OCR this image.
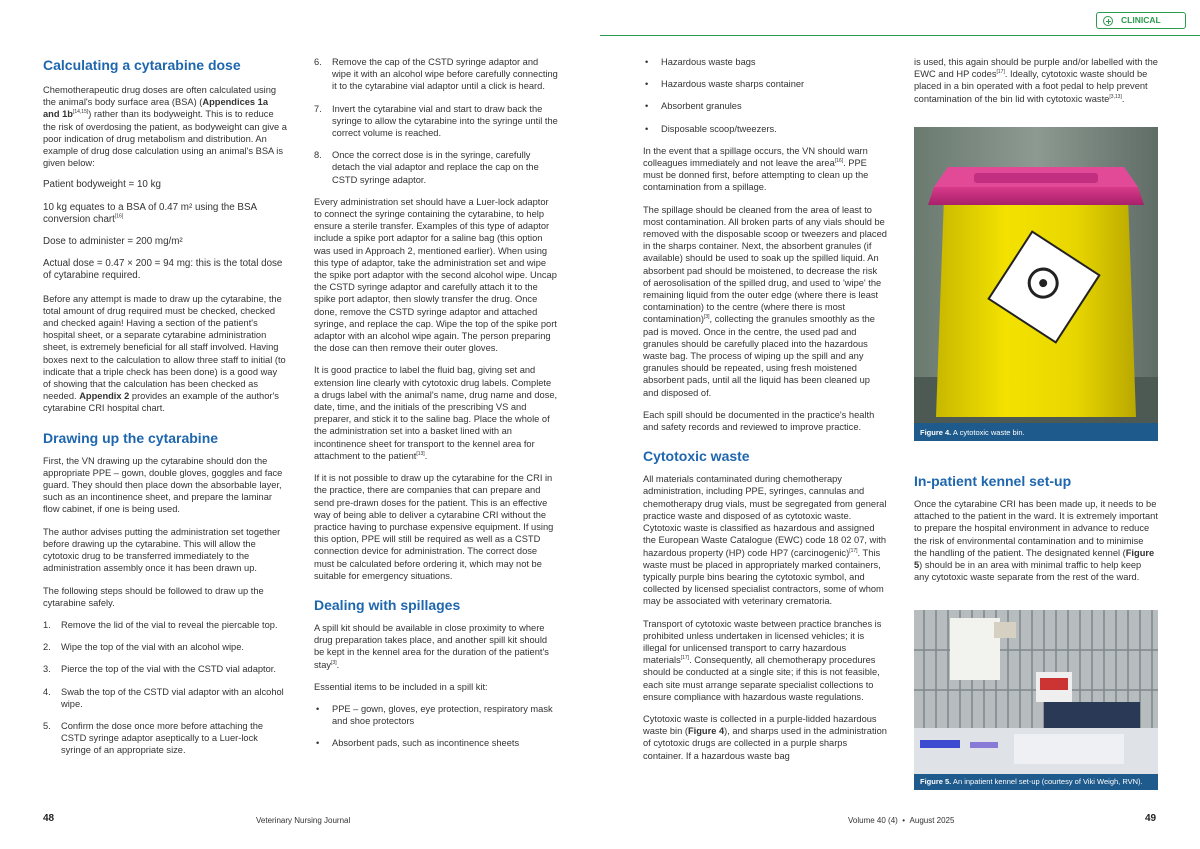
CLINICAL
Calculating a cytarabine dose

Chemotherapeutic drug doses are often calculated using the animal's body surface area (BSA) (Appendices 1a and 1b[14,15]) rather than its bodyweight. This is to reduce the risk of overdosing the patient, as bodyweight can give a poor indication of drug metabolism and distribution. An example of drug dose calculation using an animal's BSA is given below:

Patient bodyweight = 10 kg

10 kg equates to a BSA of 0.47 m² using the BSA conversion chart[16]

Dose to administer = 200 mg/m²

Actual dose = 0.47 × 200 = 94 mg: this is the total dose of cytarabine required.

Before any attempt is made to draw up the cytarabine, the total amount of drug required must be checked, checked and checked again! Having a section of the patient's hospital sheet, or a separate cytarabine administration sheet, is extremely beneficial for all staff involved. Having boxes next to the calculation to allow three staff to initial (to indicate that a triple check has been done) is a good way of showing that the calculation has been checked as needed. Appendix 2 provides an example of the author's cytarabine CRI hospital chart.

Drawing up the cytarabine

First, the VN drawing up the cytarabine should don the appropriate PPE – gown, double gloves, goggles and face guard. They should then place down the absorbable layer, such as an incontinence sheet, and prepare the laminar flow cabinet, if one is being used.

The author advises putting the administration set together before drawing up the cytarabine. This will allow the cytotoxic drug to be transferred immediately to the administration assembly once it has been drawn up.

The following steps should be followed to draw up the cytarabine safely.

1. Remove the lid of the vial to reveal the piercable top.
2. Wipe the top of the vial with an alcohol wipe.
3. Pierce the top of the vial with the CSTD vial adaptor.
4. Swab the top of the CSTD vial adaptor with an alcohol wipe.
5. Confirm the dose once more before attaching the CSTD syringe adaptor aseptically to a Luer-lock syringe of an appropriate size.
6. Remove the cap of the CSTD syringe adaptor and wipe it with an alcohol wipe before carefully connecting it to the cytarabine vial adaptor until a click is heard.
7. Invert the cytarabine vial and start to draw back the syringe to allow the cytarabine into the syringe until the correct volume is reached.
8. Once the correct dose is in the syringe, carefully detach the vial adaptor and replace the cap on the CSTD syringe adaptor.

Every administration set should have a Luer-lock adaptor to connect the syringe containing the cytarabine, to help ensure a sterile transfer. Examples of this type of adaptor include a spike port adaptor for a saline bag (this option was used in Approach 2, mentioned earlier). When using this type of adaptor, take the administration set and wipe the spike port adaptor with the second alcohol wipe. Uncap the CSTD syringe adaptor and carefully attach it to the spike port adaptor, then slowly transfer the drug. Once done, remove the CSTD syringe adaptor and attached syringe, and replace the cap. Wipe the top of the spike port adaptor with an alcohol wipe again. The person preparing the dose can then remove their outer gloves.

It is good practice to label the fluid bag, giving set and extension line clearly with cytotoxic drug labels. Complete a drugs label with the animal's name, drug name and dose, date, time, and the initials of the prescribing VS and preparer, and stick it to the saline bag. Place the whole of the administration set into a basket lined with an incontinence sheet for transport to the kennel area for attachment to the patient[13].

If it is not possible to draw up the cytarabine for the CRI in the practice, there are companies that can prepare and send pre-drawn doses for the patient. This is an effective way of being able to deliver a cytarabine CRI without the practice having to purchase expensive equipment. If using this option, PPE will still be required as well as a CSTD connection device for administration. The correct dose must be calculated before ordering it, which may not be suitable for emergency situations.

Dealing with spillages

A spill kit should be available in close proximity to where drug preparation takes place, and another spill kit should be kept in the kennel area for the duration of the patient's stay[3].

Essential items to be included in a spill kit:

• PPE – gown, gloves, eye protection, respiratory mask and shoe protectors
• Absorbent pads, such as incontinence sheets
• Hazardous waste bags
• Hazardous waste sharps container
• Absorbent granules
• Disposable scoop/tweezers.

In the event that a spillage occurs, the VN should warn colleagues immediately and not leave the area[16]. PPE must be donned first, before attempting to clean up the contamination from a spillage.

The spillage should be cleaned from the area of least to most contamination. All broken parts of any vials should be removed with the disposable scoop or tweezers and placed in the sharps container. Next, the absorbent granules (if available) should be used to soak up the spilled liquid. An absorbent pad should be moistened, to decrease the risk of aerosolisation of the spilled drug, and used to 'wipe' the remaining liquid from the outer edge (where there is least contamination) to the centre (where there is most contamination)[3], collecting the granules smoothly as the pad is moved. Once in the centre, the used pad and granules should be carefully placed into the hazardous waste bag. The process of wiping up the spill and any granules should be repeated, using fresh moistened absorbent pads, until all the liquid has been cleaned up and disposed of.

Each spill should be documented in the practice's health and safety records and reviewed to improve practice.

Cytotoxic waste

All materials contaminated during chemotherapy administration, including PPE, syringes, cannulas and chemotherapy drug vials, must be segregated from general practice waste and disposed of as cytotoxic waste. Cytotoxic waste is classified as hazardous and assigned the European Waste Catalogue (EWC) code 18 02 07, with hazardous property (HP) code HP7 (carcinogenic)[17]. This waste must be placed in appropriately marked containers, typically purple bins bearing the cytotoxic symbol, and collected by licensed specialist contractors, some of whom may be associated with veterinary crematoria.

Transport of cytotoxic waste between practice branches is prohibited unless undertaken in licensed vehicles; it is illegal for unlicensed transport to carry hazardous materials[17]. Consequently, all chemotherapy procedures should be conducted at a single site; if this is not feasible, each site must arrange separate specialist collections to ensure compliance with hazardous waste regulations.

Cytotoxic waste is collected in a purple-lidded hazardous waste bin (Figure 4), and sharps used in the administration of cytotoxic drugs are collected in a purple sharps container. If a hazardous waste bag

is used, this again should be purple and/or labelled with the EWC and HP codes[17]. Ideally, cytotoxic waste should be placed in a bin operated with a foot pedal to help prevent contamination of the bin lid with cytotoxic waste[3,13].

Figure 4. A cytotoxic waste bin.
In-patient kennel set-up

Once the cytarabine CRI has been made up, it needs to be attached to the patient in the ward. It is extremely important to prepare the hospital environment in advance to reduce the risk of environmental contamination and to minimise the handling of the patient. The designated kennel (Figure 5) should be in an area with minimal traffic to help keep any cytotoxic waste separate from the rest of the ward.

Figure 5. An inpatient kennel set-up (courtesy of Viki Weigh, RVN).
48	Veterinary Nursing Journal	Volume 40 (4) • August 2025	49
